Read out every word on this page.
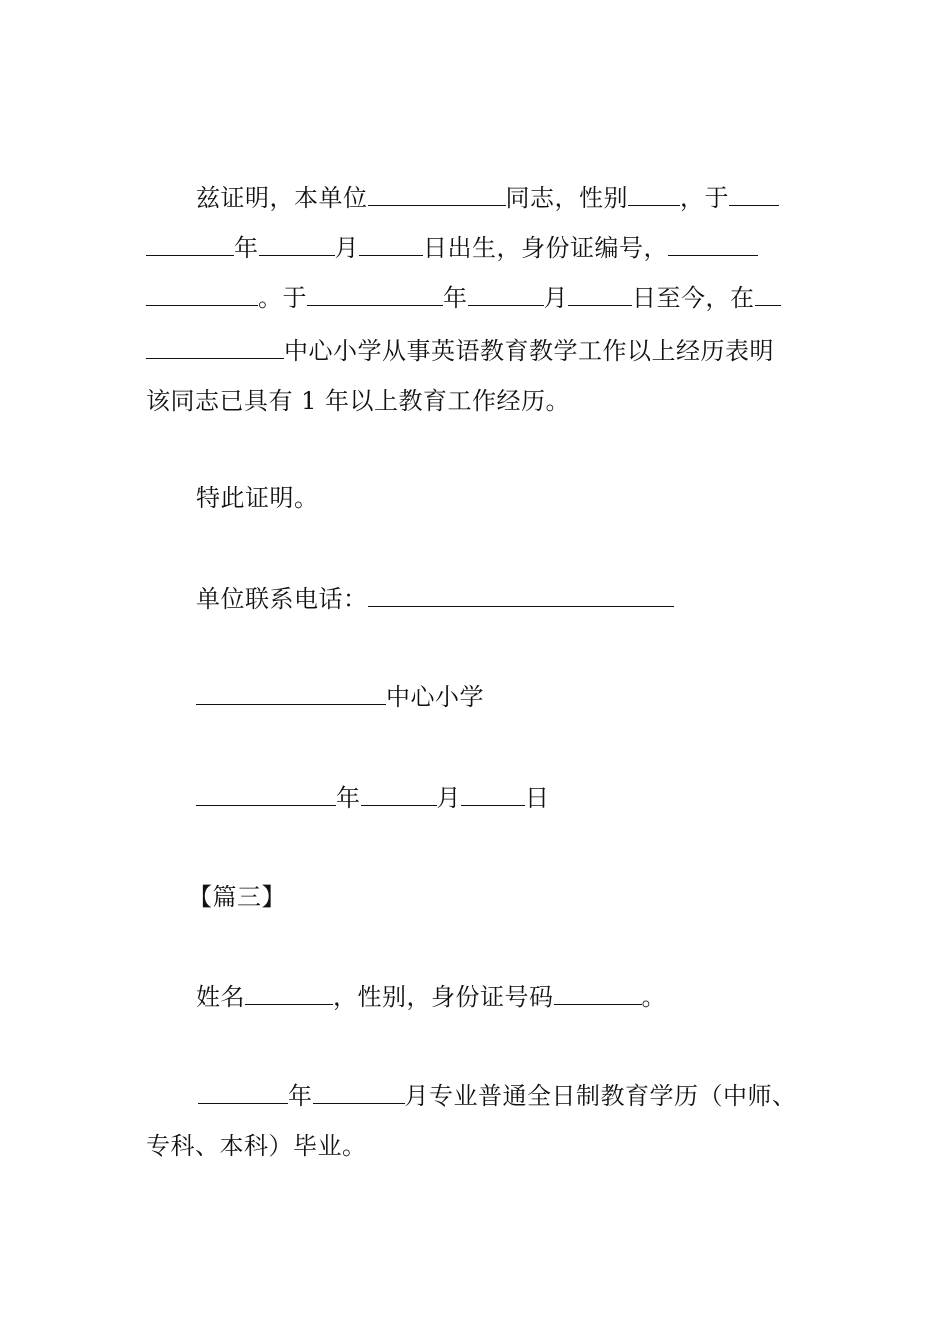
兹证明，本单位	同志，性别 ，于
年	月	日出生，身份证编号，
。于	年	月	日至今，在
中心小学从事英语教育教学工作以上经历表明
该同志已具有 1 年以上教育工作经历。
特此证明。
单位联系电话：
中心小学
年	月	日
【篇三】
姓名	，性别，身份证号码	。
年	月专业普通全日制教育学历（中师、
专科、本科）毕业。
